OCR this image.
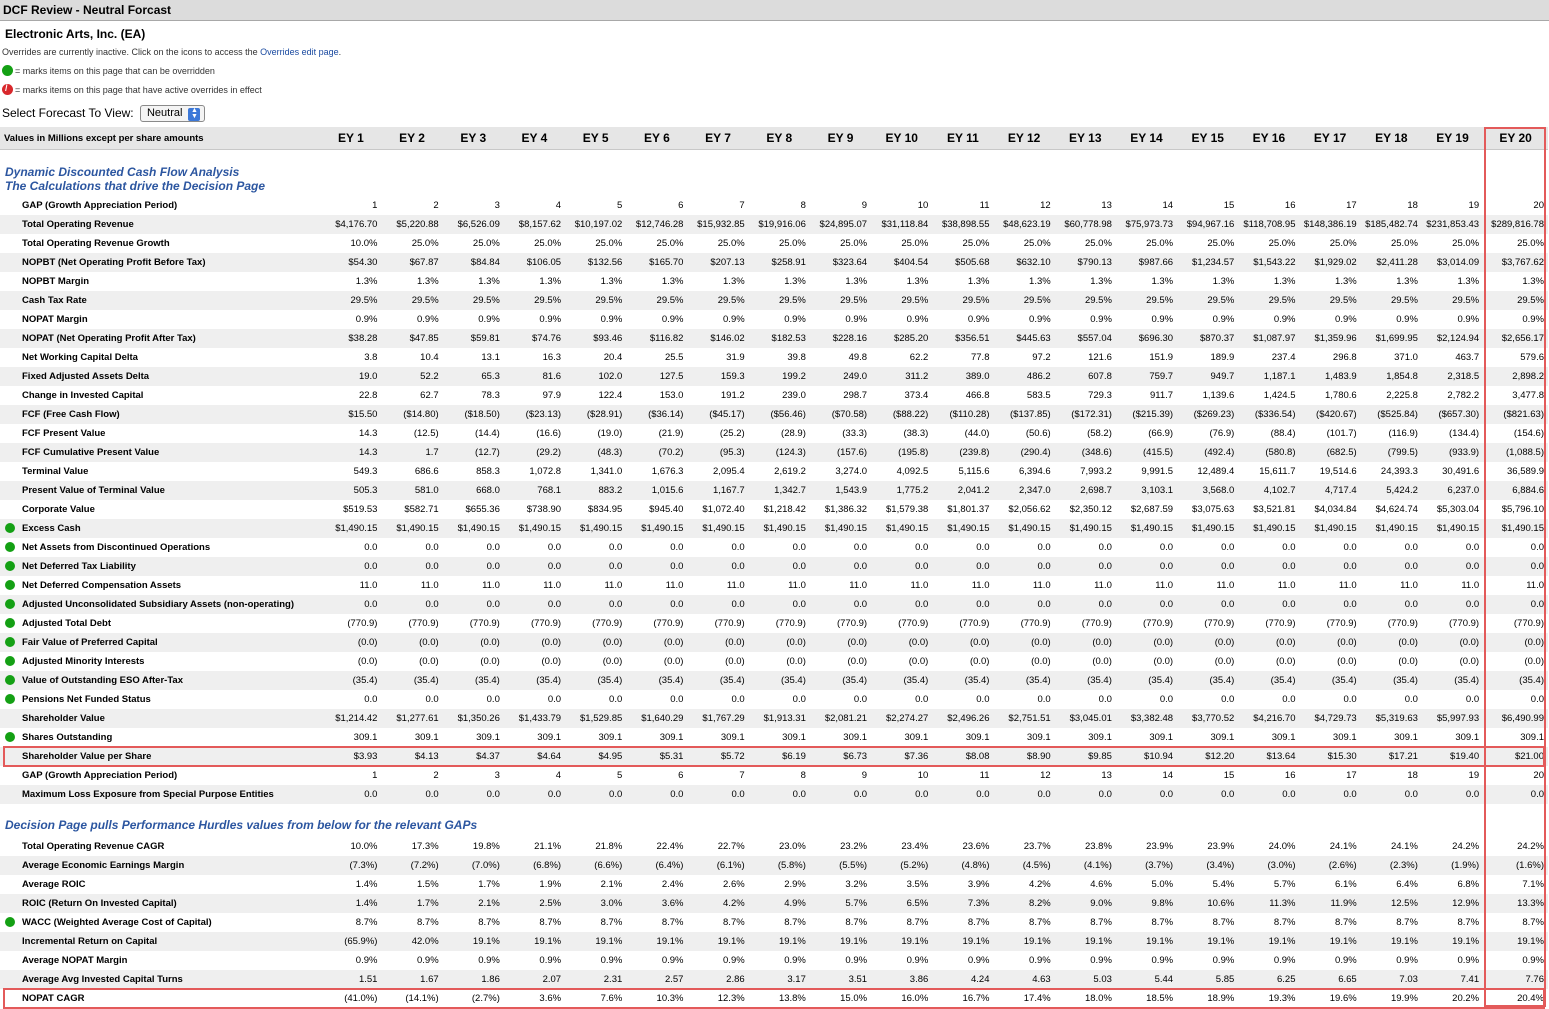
DCF Review - Neutral Forcast
Electronic Arts, Inc. (EA)
Overrides are currently inactive. Click on the icons to access the Overrides edit page.
= marks items on this page that can be overridden
/= marks items on this page that have active overrides in effect
Select Forecast To View: Neutral ▲
▼
Values in Millions except per share amounts	EY 1	EY 2	EY 3	EY 4	EY 5	EY 6	EY 7	EY 8	EY 9	EY 10	EY 11	EY 12	EY 13	EY 14	EY 15	EY 16	EY 17	EY 18	EY 19	EY 20

Dynamic Discounted Cash Flow Analysis
The Calculations that drive the Decision Page																				

GAP (Growth Appreciation Period)	1	2	3	4	5	6	7	8	9	10	11	12	13	14	15	16	17	18	19	20
Total Operating Revenue	$4,176.70	$5,220.88	$6,526.09	$8,157.62	$10,197.02	$12,746.28	$15,932.85	$19,916.06	$24,895.07	$31,118.84	$38,898.55	$48,623.19	$60,778.98	$75,973.73	$94,967.16	$118,708.95	$148,386.19	$185,482.74	$231,853.43	$289,816.78
Total Operating Revenue Growth	10.0%	25.0%	25.0%	25.0%	25.0%	25.0%	25.0%	25.0%	25.0%	25.0%	25.0%	25.0%	25.0%	25.0%	25.0%	25.0%	25.0%	25.0%	25.0%	25.0%
NOPBT (Net Operating Profit Before Tax)	$54.30	$67.87	$84.84	$106.05	$132.56	$165.70	$207.13	$258.91	$323.64	$404.54	$505.68	$632.10	$790.13	$987.66	$1,234.57	$1,543.22	$1,929.02	$2,411.28	$3,014.09	$3,767.62
NOPBT Margin	1.3%	1.3%	1.3%	1.3%	1.3%	1.3%	1.3%	1.3%	1.3%	1.3%	1.3%	1.3%	1.3%	1.3%	1.3%	1.3%	1.3%	1.3%	1.3%	1.3%
Cash Tax Rate	29.5%	29.5%	29.5%	29.5%	29.5%	29.5%	29.5%	29.5%	29.5%	29.5%	29.5%	29.5%	29.5%	29.5%	29.5%	29.5%	29.5%	29.5%	29.5%	29.5%
NOPAT Margin	0.9%	0.9%	0.9%	0.9%	0.9%	0.9%	0.9%	0.9%	0.9%	0.9%	0.9%	0.9%	0.9%	0.9%	0.9%	0.9%	0.9%	0.9%	0.9%	0.9%
NOPAT (Net Operating Profit After Tax)	$38.28	$47.85	$59.81	$74.76	$93.46	$116.82	$146.02	$182.53	$228.16	$285.20	$356.51	$445.63	$557.04	$696.30	$870.37	$1,087.97	$1,359.96	$1,699.95	$2,124.94	$2,656.17
Net Working Capital Delta	3.8	10.4	13.1	16.3	20.4	25.5	31.9	39.8	49.8	62.2	77.8	97.2	121.6	151.9	189.9	237.4	296.8	371.0	463.7	579.6
Fixed Adjusted Assets Delta	19.0	52.2	65.3	81.6	102.0	127.5	159.3	199.2	249.0	311.2	389.0	486.2	607.8	759.7	949.7	1,187.1	1,483.9	1,854.8	2,318.5	2,898.2
Change in Invested Capital	22.8	62.7	78.3	97.9	122.4	153.0	191.2	239.0	298.7	373.4	466.8	583.5	729.3	911.7	1,139.6	1,424.5	1,780.6	2,225.8	2,782.2	3,477.8
FCF (Free Cash Flow)	$15.50	($14.80)	($18.50)	($23.13)	($28.91)	($36.14)	($45.17)	($56.46)	($70.58)	($88.22)	($110.28)	($137.85)	($172.31)	($215.39)	($269.23)	($336.54)	($420.67)	($525.84)	($657.30)	($821.63)
FCF Present Value	14.3	(12.5)	(14.4)	(16.6)	(19.0)	(21.9)	(25.2)	(28.9)	(33.3)	(38.3)	(44.0)	(50.6)	(58.2)	(66.9)	(76.9)	(88.4)	(101.7)	(116.9)	(134.4)	(154.6)
FCF Cumulative Present Value	14.3	1.7	(12.7)	(29.2)	(48.3)	(70.2)	(95.3)	(124.3)	(157.6)	(195.8)	(239.8)	(290.4)	(348.6)	(415.5)	(492.4)	(580.8)	(682.5)	(799.5)	(933.9)	(1,088.5)
Terminal Value	549.3	686.6	858.3	1,072.8	1,341.0	1,676.3	2,095.4	2,619.2	3,274.0	4,092.5	5,115.6	6,394.6	7,993.2	9,991.5	12,489.4	15,611.7	19,514.6	24,393.3	30,491.6	36,589.9
Present Value of Terminal Value	505.3	581.0	668.0	768.1	883.2	1,015.6	1,167.7	1,342.7	1,543.9	1,775.2	2,041.2	2,347.0	2,698.7	3,103.1	3,568.0	4,102.7	4,717.4	5,424.2	6,237.0	6,884.6
Corporate Value	$519.53	$582.71	$655.36	$738.90	$834.95	$945.40	$1,072.40	$1,218.42	$1,386.32	$1,579.38	$1,801.37	$2,056.62	$2,350.12	$2,687.59	$3,075.63	$3,521.81	$4,034.84	$4,624.74	$5,303.04	$5,796.10

Excess Cash	$1,490.15	$1,490.15	$1,490.15	$1,490.15	$1,490.15	$1,490.15	$1,490.15	$1,490.15	$1,490.15	$1,490.15	$1,490.15	$1,490.15	$1,490.15	$1,490.15	$1,490.15	$1,490.15	$1,490.15	$1,490.15	$1,490.15	$1,490.15

Net Assets from Discontinued Operations	0.0	0.0	0.0	0.0	0.0	0.0	0.0	0.0	0.0	0.0	0.0	0.0	0.0	0.0	0.0	0.0	0.0	0.0	0.0	0.0

Net Deferred Tax Liability	0.0	0.0	0.0	0.0	0.0	0.0	0.0	0.0	0.0	0.0	0.0	0.0	0.0	0.0	0.0	0.0	0.0	0.0	0.0	0.0

Net Deferred Compensation Assets	11.0	11.0	11.0	11.0	11.0	11.0	11.0	11.0	11.0	11.0	11.0	11.0	11.0	11.0	11.0	11.0	11.0	11.0	11.0	11.0

Adjusted Unconsolidated Subsidiary Assets (non-operating)	0.0	0.0	0.0	0.0	0.0	0.0	0.0	0.0	0.0	0.0	0.0	0.0	0.0	0.0	0.0	0.0	0.0	0.0	0.0	0.0

Adjusted Total Debt	(770.9)	(770.9)	(770.9)	(770.9)	(770.9)	(770.9)	(770.9)	(770.9)	(770.9)	(770.9)	(770.9)	(770.9)	(770.9)	(770.9)	(770.9)	(770.9)	(770.9)	(770.9)	(770.9)	(770.9)

Fair Value of Preferred Capital	(0.0)	(0.0)	(0.0)	(0.0)	(0.0)	(0.0)	(0.0)	(0.0)	(0.0)	(0.0)	(0.0)	(0.0)	(0.0)	(0.0)	(0.0)	(0.0)	(0.0)	(0.0)	(0.0)	(0.0)

Adjusted Minority Interests	(0.0)	(0.0)	(0.0)	(0.0)	(0.0)	(0.0)	(0.0)	(0.0)	(0.0)	(0.0)	(0.0)	(0.0)	(0.0)	(0.0)	(0.0)	(0.0)	(0.0)	(0.0)	(0.0)	(0.0)

Value of Outstanding ESO After-Tax	(35.4)	(35.4)	(35.4)	(35.4)	(35.4)	(35.4)	(35.4)	(35.4)	(35.4)	(35.4)	(35.4)	(35.4)	(35.4)	(35.4)	(35.4)	(35.4)	(35.4)	(35.4)	(35.4)	(35.4)

Pensions Net Funded Status	0.0	0.0	0.0	0.0	0.0	0.0	0.0	0.0	0.0	0.0	0.0	0.0	0.0	0.0	0.0	0.0	0.0	0.0	0.0	0.0
Shareholder Value	$1,214.42	$1,277.61	$1,350.26	$1,433.79	$1,529.85	$1,640.29	$1,767.29	$1,913.31	$2,081.21	$2,274.27	$2,496.26	$2,751.51	$3,045.01	$3,382.48	$3,770.52	$4,216.70	$4,729.73	$5,319.63	$5,997.93	$6,490.99

Shares Outstanding	309.1	309.1	309.1	309.1	309.1	309.1	309.1	309.1	309.1	309.1	309.1	309.1	309.1	309.1	309.1	309.1	309.1	309.1	309.1	309.1
Shareholder Value per Share	$3.93	$4.13	$4.37	$4.64	$4.95	$5.31	$5.72	$6.19	$6.73	$7.36	$8.08	$8.90	$9.85	$10.94	$12.20	$13.64	$15.30	$17.21	$19.40	$21.00
GAP (Growth Appreciation Period)	1	2	3	4	5	6	7	8	9	10	11	12	13	14	15	16	17	18	19	20
Maximum Loss Exposure from Special Purpose Entities	0.0	0.0	0.0	0.0	0.0	0.0	0.0	0.0	0.0	0.0	0.0	0.0	0.0	0.0	0.0	0.0	0.0	0.0	0.0	0.0

Decision Page pulls Performance Hurdles values from below for the relevant GAPs																				

Total Operating Revenue CAGR	10.0%	17.3%	19.8%	21.1%	21.8%	22.4%	22.7%	23.0%	23.2%	23.4%	23.6%	23.7%	23.8%	23.9%	23.9%	24.0%	24.1%	24.1%	24.2%	24.2%
Average Economic Earnings Margin	(7.3%)	(7.2%)	(7.0%)	(6.8%)	(6.6%)	(6.4%)	(6.1%)	(5.8%)	(5.5%)	(5.2%)	(4.8%)	(4.5%)	(4.1%)	(3.7%)	(3.4%)	(3.0%)	(2.6%)	(2.3%)	(1.9%)	(1.6%)
Average ROIC	1.4%	1.5%	1.7%	1.9%	2.1%	2.4%	2.6%	2.9%	3.2%	3.5%	3.9%	4.2%	4.6%	5.0%	5.4%	5.7%	6.1%	6.4%	6.8%	7.1%
ROIC (Return On Invested Capital)	1.4%	1.7%	2.1%	2.5%	3.0%	3.6%	4.2%	4.9%	5.7%	6.5%	7.3%	8.2%	9.0%	9.8%	10.6%	11.3%	11.9%	12.5%	12.9%	13.3%

WACC (Weighted Average Cost of Capital)	8.7%	8.7%	8.7%	8.7%	8.7%	8.7%	8.7%	8.7%	8.7%	8.7%	8.7%	8.7%	8.7%	8.7%	8.7%	8.7%	8.7%	8.7%	8.7%	8.7%
Incremental Return on Capital	(65.9%)	42.0%	19.1%	19.1%	19.1%	19.1%	19.1%	19.1%	19.1%	19.1%	19.1%	19.1%	19.1%	19.1%	19.1%	19.1%	19.1%	19.1%	19.1%	19.1%
Average NOPAT Margin	0.9%	0.9%	0.9%	0.9%	0.9%	0.9%	0.9%	0.9%	0.9%	0.9%	0.9%	0.9%	0.9%	0.9%	0.9%	0.9%	0.9%	0.9%	0.9%	0.9%
Average Avg Invested Capital Turns	1.51	1.67	1.86	2.07	2.31	2.57	2.86	3.17	3.51	3.86	4.24	4.63	5.03	5.44	5.85	6.25	6.65	7.03	7.41	7.76
NOPAT CAGR	(41.0%)	(14.1%)	(2.7%)	3.6%	7.6%	10.3%	12.3%	13.8%	15.0%	16.0%	16.7%	17.4%	18.0%	18.5%	18.9%	19.3%	19.6%	19.9%	20.2%	20.4%
